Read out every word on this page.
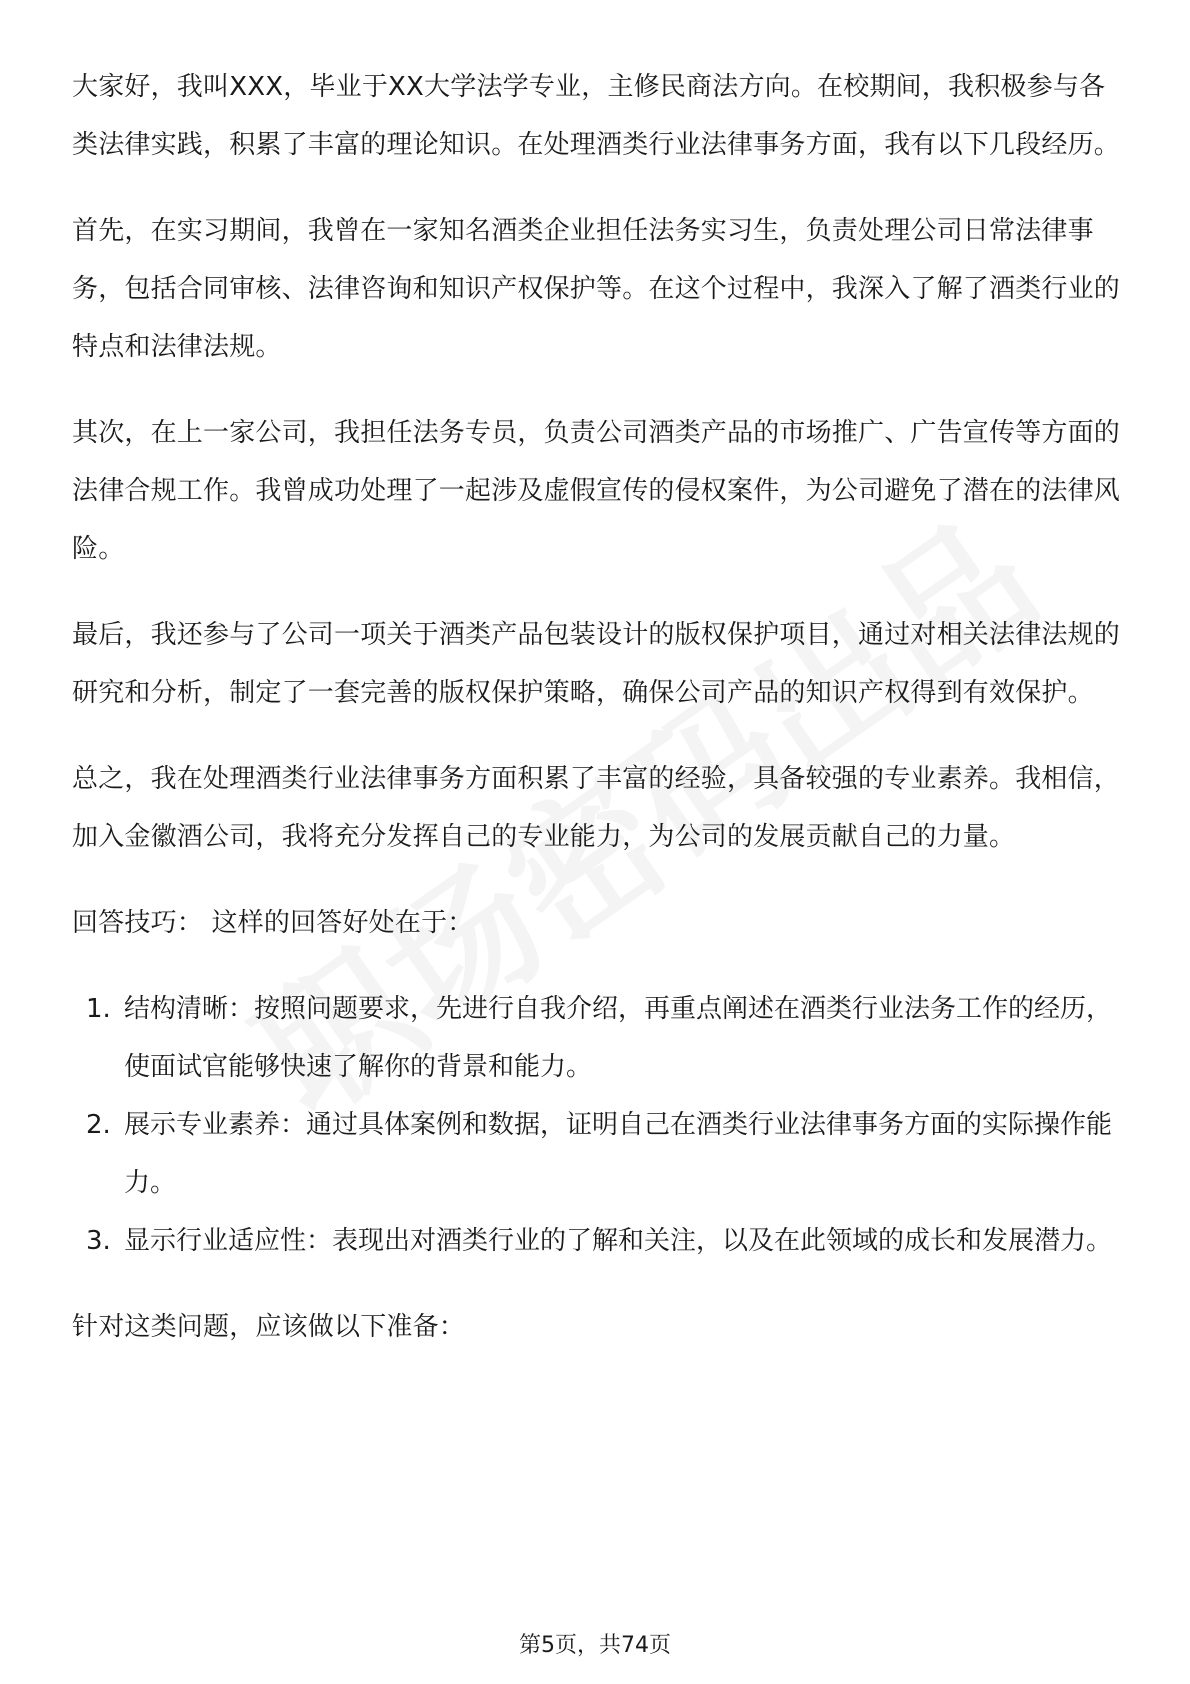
大家好，我叫XXX，毕业于XX大学法学专业，主修民商法方向。在校期间，我积极参与各类法律实践，积累了丰富的理论知识。在处理酒类行业法律事务方面，我有以下几段经历。

首先，在实习期间，我曾在一家知名酒类企业担任法务实习生，负责处理公司日常法律事务，包括合同审核、法律咨询和知识产权保护等。在这个过程中，我深入了解了酒类行业的特点和法律法规。

其次，在上一家公司，我担任法务专员，负责公司酒类产品的市场推广、广告宣传等方面的法律合规工作。我曾成功处理了一起涉及虚假宣传的侵权案件，为公司避免了潜在的法律风险。

最后，我还参与了公司一项关于酒类产品包装设计的版权保护项目，通过对相关法律法规的研究和分析，制定了一套完善的版权保护策略，确保公司产品的知识产权得到有效保护。

总之，我在处理酒类行业法律事务方面积累了丰富的经验，具备较强的专业素养。我相信，加入金徽酒公司，我将充分发挥自己的专业能力，为公司的发展贡献自己的力量。

回答技巧： 这样的回答好处在于：

1. 结构清晰：按照问题要求，先进行自我介绍，再重点阐述在酒类行业法务工作的经历，使面试官能够快速了解你的背景和能力。
2. 展示专业素养：通过具体案例和数据，证明自己在酒类行业法律事务方面的实际操作能力。
3. 显示行业适应性：表现出对酒类行业的了解和关注，以及在此领域的成长和发展潜力。

针对这类问题，应该做以下准备：

第5页，共74页
